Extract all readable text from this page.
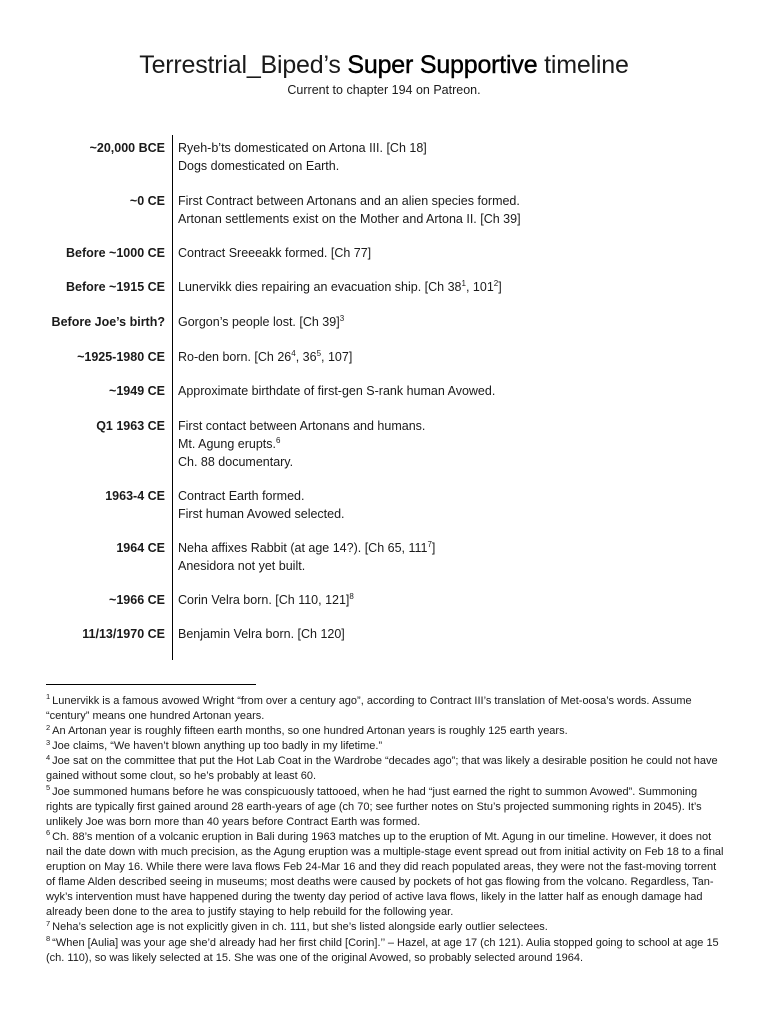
Terrestrial_Biped’s Super Supportive timeline
Current to chapter 194 on Patreon.
~20,000 BCE Ryeh-b’ts domesticated on Artona III. [Ch 18]
Dogs domesticated on Earth.
~0 CE First Contract between Artonans and an alien species formed.
Artonan settlements exist on the Mother and Artona II. [Ch 39]
Before ~1000 CE Contract Sreeeakk formed. [Ch 77]
Before ~1915 CE Lunervikk dies repairing an evacuation ship. [Ch $38^1$, $101^2$]
Before Joe’s birth? Gorgon’s people lost. [Ch 39]$^3$
~1925-1980 CE Ro-den born. [Ch $26^4$, $36^5$, 107]
~1949 CE Approximate birthdate of first-gen S-rank human Avowed.
Q1 1963 CE First contact between Artonans and humans.
Mt. Agung erupts.$^6$
Ch. 88 documentary.
1963-4 CE Contract Earth formed.
First human Avowed selected.
1964 CE Neha affixes Rabbit (at age 14?). [Ch 65, $111^7$]
Anesidora not yet built.
~1966 CE Corin Velra born. [Ch 110, 121]$^8$
11/13/1970 CE Benjamin Velra born. [Ch 120]

$^1$ Lunervikk is a famous avowed Wright “from over a century ago”, according to Contract III’s translation of Met-oosa’s words. Assume “century” means one hundred Artonan years.

$^2$ An Artonan year is roughly fifteen earth months, so one hundred Artonan years is roughly 125 earth years.

$^3$ Joe claims, “We haven’t blown anything up too badly in my lifetime.”

$^4$ Joe sat on the committee that put the Hot Lab Coat in the Wardrobe “decades ago”; that was likely a desirable position he could not have gained without some clout, so he’s probably at least 60.

$^5$ Joe summoned humans before he was conspicuously tattooed, when he had “just earned the right to summon Avowed”. Summoning rights are typically first gained around 28 earth-years of age (ch 70; see further notes on Stu’s projected summoning rights in 2045). It’s unlikely Joe was born more than 40 years before Contract Earth was formed.

$^6$ Ch. 88’s mention of a volcanic eruption in Bali during 1963 matches up to the eruption of Mt. Agung in our timeline. However, it does not nail the date down with much precision, as the Agung eruption was a multiple-stage event spread out from initial activity on Feb 18 to a final eruption on May 16. While there were lava flows Feb 24-Mar 16 and they did reach populated areas, they were not the fast-moving torrent of flame Alden described seeing in museums; most deaths were caused by pockets of hot gas flowing from the volcano. Regardless, Tan-wyk’s intervention must have happened during the twenty day period of active lava flows, likely in the latter half as enough damage had already been done to the area to justify staying to help rebuild for the following year.

$^7$ Neha’s selection age is not explicitly given in ch. 111, but she’s listed alongside early outlier selectees.

$^8$ “When [Aulia] was your age she’d already had her first child [Corin].’’ – Hazel, at age 17 (ch 121). Aulia stopped going to school at age 15 (ch. 110), so was likely selected at 15. She was one of the original Avowed, so probably selected around 1964.
